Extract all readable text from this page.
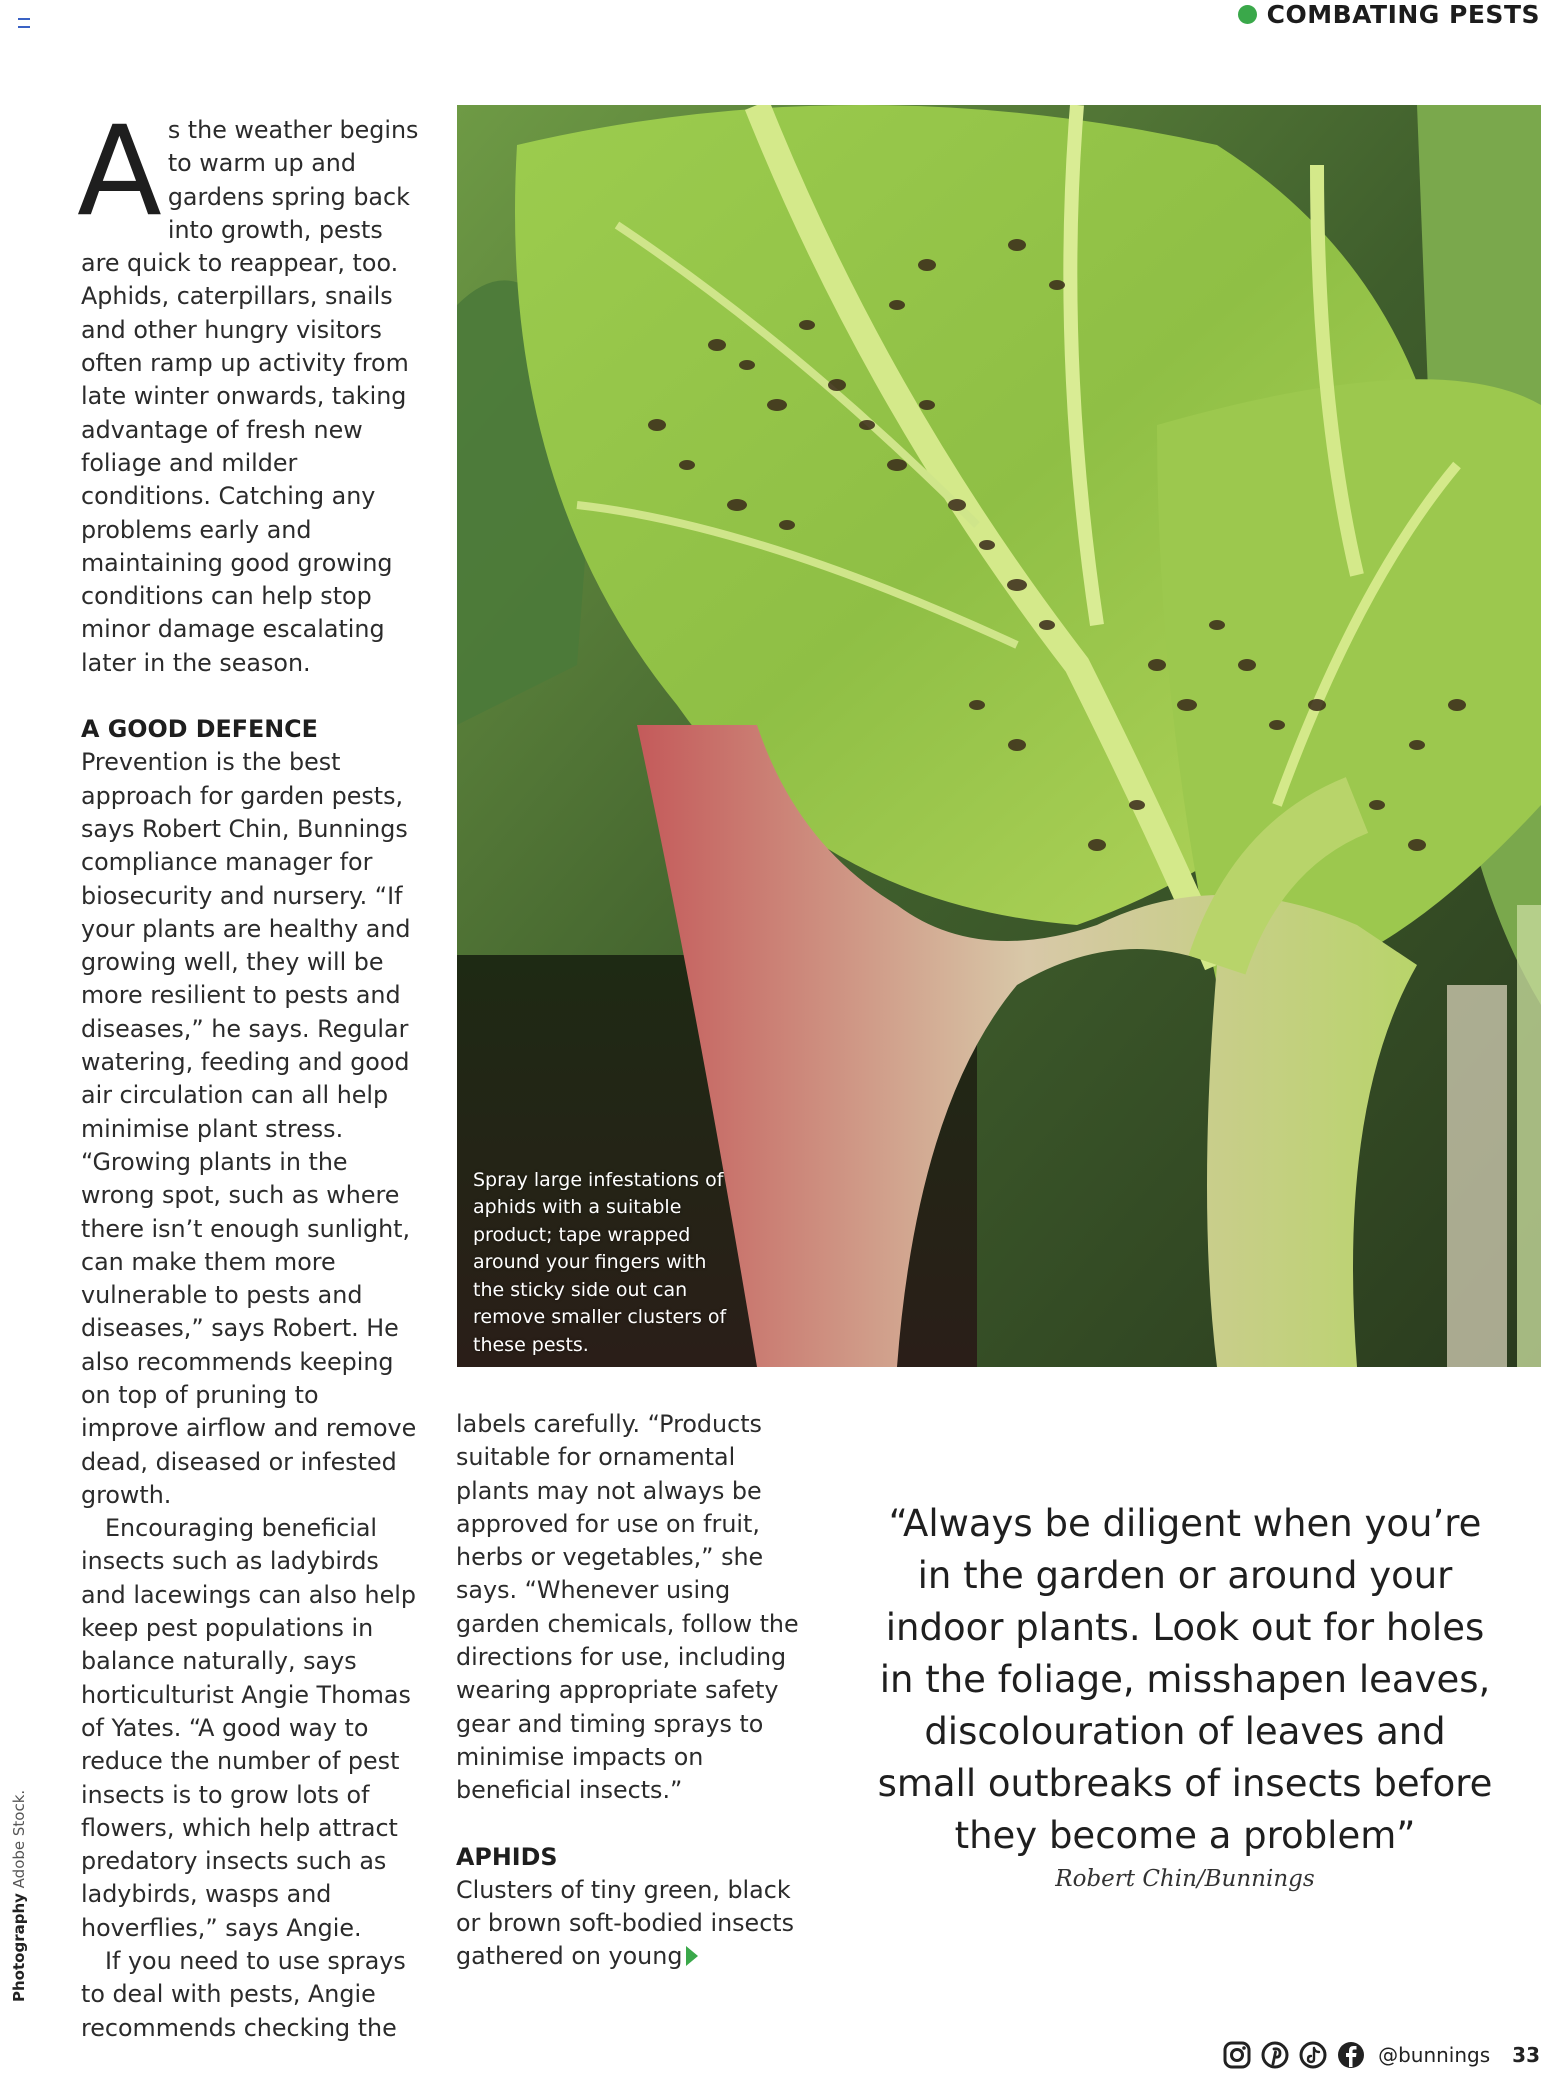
COMBATING PESTS

As the weather begins to warm up and gardens spring back into growth, pests are quick to reappear, too. Aphids, caterpillars, snails and other hungry visitors often ramp up activity from late winter onwards, taking advantage of fresh new foliage and milder conditions. Catching any problems early and maintaining good growing conditions can help stop minor damage escalating later in the season.

A GOOD DEFENCE

Prevention is the best approach for garden pests, says Robert Chin, Bunnings compliance manager for biosecurity and nursery. “If your plants are healthy and growing well, they will be more resilient to pests and diseases,” he says. Regular watering, feeding and good air circulation can all help minimise plant stress. “Growing plants in the wrong spot, such as where there isn’t enough sunlight, can make them more vulnerable to pests and diseases,” says Robert. He also recommends keeping on top of pruning to improve airflow and remove dead, diseased or infested growth.

Encouraging beneficial insects such as ladybirds and lacewings can also help keep pest populations in balance naturally, says horticulturist Angie Thomas of Yates. “A good way to reduce the number of pest insects is to grow lots of flowers, which help attract predatory insects such as ladybirds, wasps and hoverflies,” says Angie.

If you need to use sprays to deal with pests, Angie recommends checking the

Spray large infestations of aphids with a suitable product; tape wrapped around your fingers with the sticky side out can remove smaller clusters of these pests.

labels carefully. “Products suitable for ornamental plants may not always be approved for use on fruit, herbs or vegetables,” she says. “Whenever using garden chemicals, follow the directions for use, including wearing appropriate safety gear and timing sprays to minimise impacts on beneficial insects.”

APHIDS

Clusters of tiny green, black or brown soft-bodied insects gathered on young

“Always be diligent when you’re in the garden or around your indoor plants. Look out for holes in the foliage, misshapen leaves, discolouration of leaves and small outbreaks of insects before they become a problem”
Robert Chin/Bunnings
Photography Adobe Stock.
@bunnings 33
